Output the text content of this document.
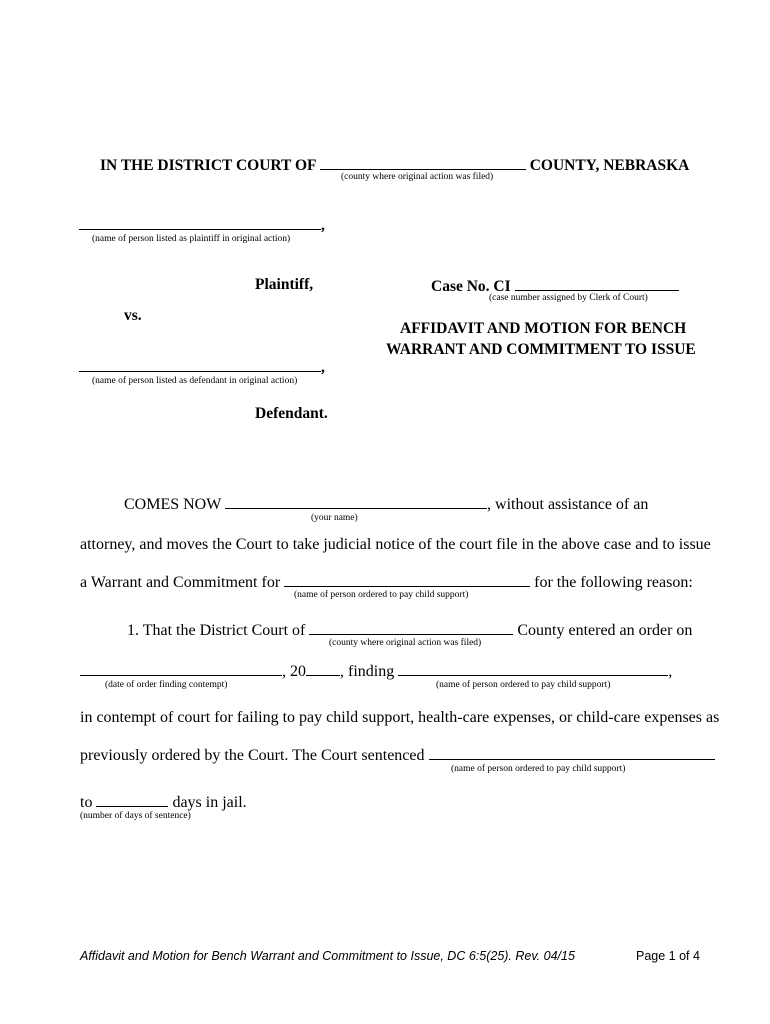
IN THE DISTRICT COURT OF	COUNTY, NEBRASKA
(county where original action was filed)
,
(name of person listed as plaintiff in original action)
Plaintiff,	Case No. CI
(case number assigned by Clerk of Court)
vs.
AFFIDAVIT AND MOTION FOR BENCH
WARRANT AND COMMITMENT TO ISSUE
,
(name of person listed as defendant in original action)
Defendant.
COMES NOW	, without assistance of an
(your name)
attorney, and moves the Court to take judicial notice of the court file in the above case and to issue
a Warrant and Commitment for	for the following reason:
(name of person ordered to pay child support)
1. That the District Court of	County entered an order on
(county where original action was filed)
, 20 , finding	,
(date of order finding contempt)	(name of person ordered to pay child support)
in contempt of court for failing to pay child support, health-care expenses, or child-care expenses as
previously ordered by the Court. The Court sentenced
(name of person ordered to pay child support)
to	days in jail.
(number of days of sentence)
Affidavit and Motion for Bench Warrant and Commitment to Issue, DC 6:5(25). Rev. 04/15	Page 1 of 4
